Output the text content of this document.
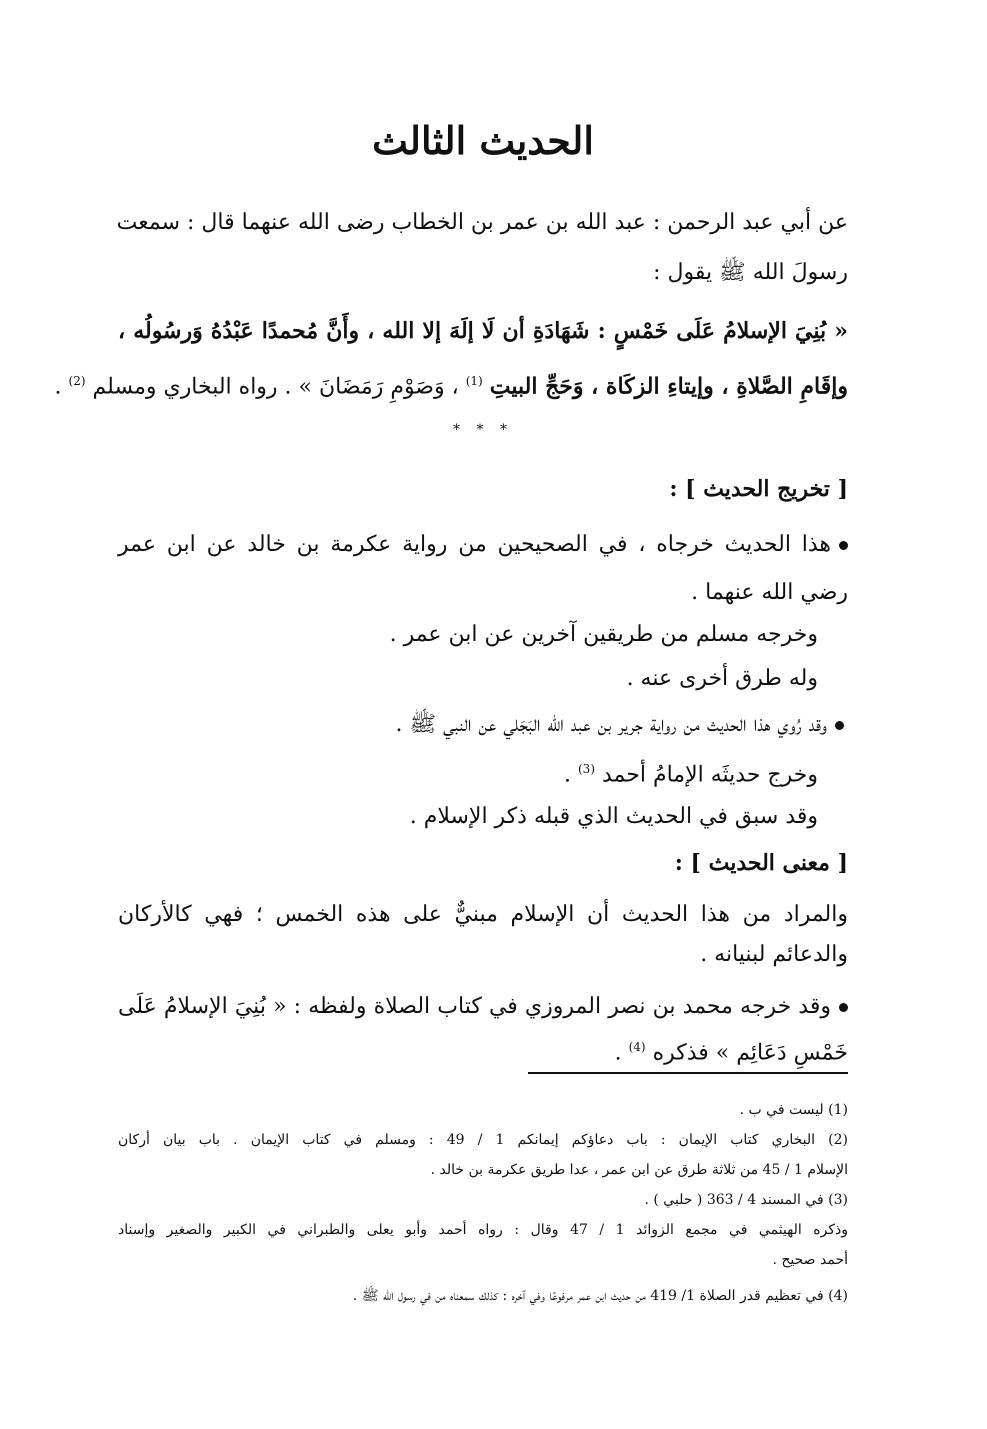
الحديث الثالث
عن أبي عبد الرحمن : عبد الله بن عمر بن الخطاب رضى الله عنهما قال : سمعت
رسولَ الله ﷺ يقول :
« بُنِيَ الإسلامُ عَلَى خَمْسٍ : شَهَادَةِ أن لَا إلَهَ إلا الله ، وأَنَّ مُحمدًا عَبْدُهُ وَرسُولُه ،
وإقَامِ الصَّلاةِ ، وإيتاءِ الزكَاة ، وَحَجِّ البيتِ $^{(1)}$ ، وَصَوْمِ رَمَضَانَ » . رواه البخاري ومسلم $^{(2)}$ .
* * *
[ تخريج الحديث ] :
هذا الحديث خرجاه ، في الصحيحين من رواية عكرمة بن خالد عن ابن عمر
رضي الله عنهما .
وخرجه مسلم من طريقين آخرين عن ابن عمر .
وله طرق أخرى عنه .
وقد رُوي هذا الحديث من رواية جرير بن عبد الله البَجَلي عن النبي ﷺ .
وخرج حديثَه الإمامُ أحمد $^{(3)}$ .
وقد سبق في الحديث الذي قبله ذكر الإسلام .
[ معنى الحديث ] :
والمراد من هذا الحديث أن الإسلام مبنيٌّ على هذه الخمس ؛ فهي كالأركان
والدعائم لبنيانه .
وقد خرجه محمد بن نصر المروزي في كتاب الصلاة ولفظه : « بُنِيَ الإسلامُ عَلَى
خَمْسِ دَعَائِم » فذكره $^{(4)}$ .
(1) ليست في ب .
(2) البخاري كتاب الإيمان : باب دعاؤكم إيمانكم 1 / 49 : ومسلم في كتاب الإيمان . باب بيان أركان
الإسلام 1 / 45 من ثلاثة طرق عن ابن عمر ، عدا طريق عكرمة بن خالد .
(3) في المسند 4 / 363 ( حلبي ) .
وذكره الهيثمي في مجمع الزوائد 1 / 47 وقال : رواه أحمد وأبو يعلى والطبراني في الكبير والصغير وإسناد
أحمد صحيح .
(4) في تعظيم قدر الصلاة 1/ 419 من حديث ابن عمر مرفوعًا وفي آخره : كذلك سمعناه من في رسول الله ﷺ .
